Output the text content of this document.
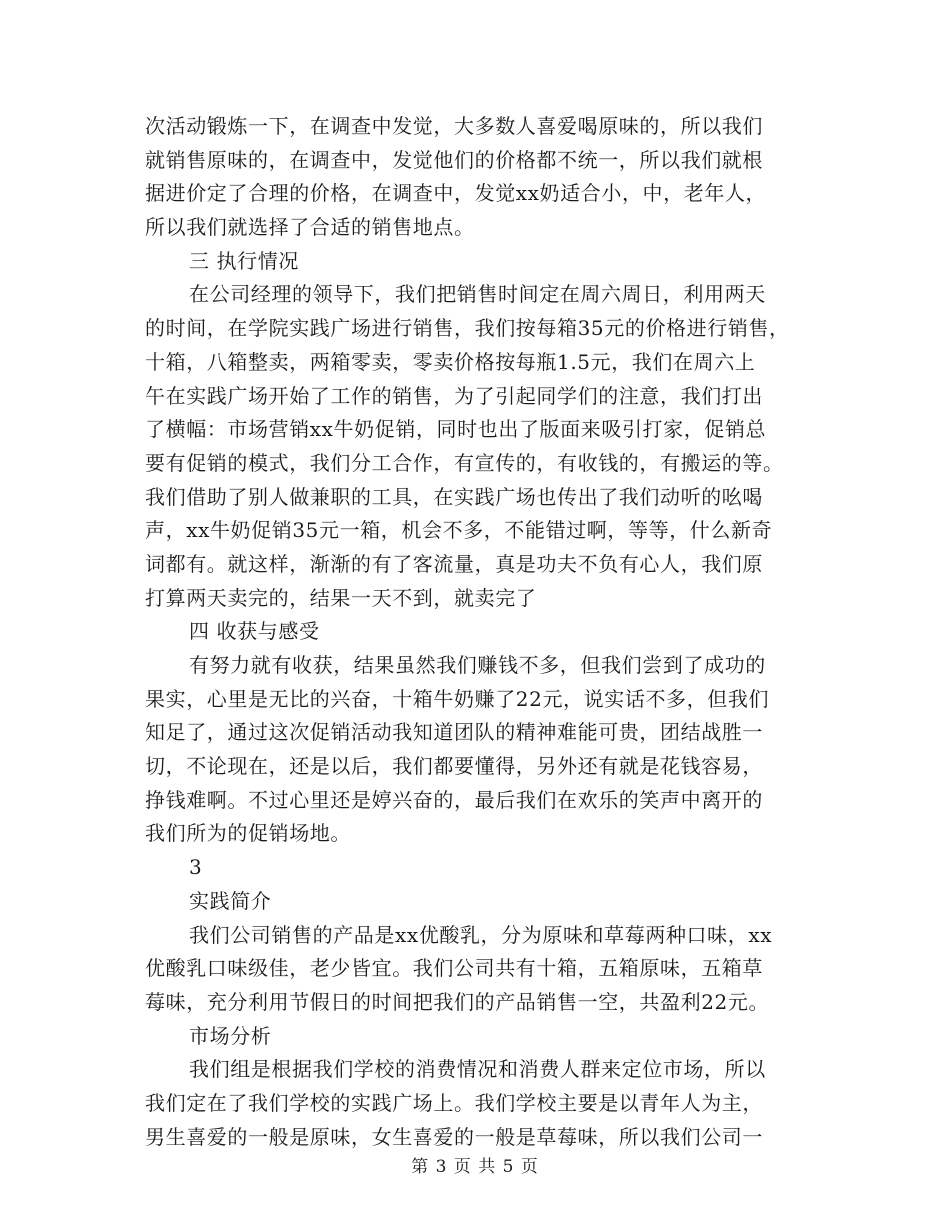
次活动锻炼一下，在调查中发觉，大多数人喜爱喝原味的，所以我们
就销售原味的，在调查中，发觉他们的价格都不统一，所以我们就根
据进价定了合理的价格，在调查中，发觉xx奶适合小，中，老年人，
所以我们就选择了合适的销售地点。
三 执行情况
在公司经理的领导下，我们把销售时间定在周六周日，利用两天
的时间，在学院实践广场进行销售，我们按每箱35元的价格进行销售，
十箱，八箱整卖，两箱零卖，零卖价格按每瓶1.5元，我们在周六上
午在实践广场开始了工作的销售，为了引起同学们的注意，我们打出
了横幅：市场营销xx牛奶促销，同时也出了版面来吸引打家，促销总
要有促销的模式，我们分工合作，有宣传的，有收钱的，有搬运的等。
我们借助了别人做兼职的工具，在实践广场也传出了我们动听的吆喝
声，xx牛奶促销35元一箱，机会不多，不能错过啊，等等，什么新奇
词都有。就这样，渐渐的有了客流量，真是功夫不负有心人，我们原
打算两天卖完的，结果一天不到，就卖完了
四 收获与感受
有努力就有收获，结果虽然我们赚钱不多，但我们尝到了成功的
果实，心里是无比的兴奋，十箱牛奶赚了22元，说实话不多，但我们
知足了，通过这次促销活动我知道团队的精神难能可贵，团结战胜一
切，不论现在，还是以后，我们都要懂得，另外还有就是花钱容易，
挣钱难啊。不过心里还是婷兴奋的，最后我们在欢乐的笑声中离开的
我们所为的促销场地。
3
实践简介
我们公司销售的产品是xx优酸乳，分为原味和草莓两种口味，xx
优酸乳口味级佳，老少皆宜。我们公司共有十箱，五箱原味，五箱草
莓味，充分利用节假日的时间把我们的产品销售一空，共盈利22元。
市场分析
我们组是根据我们学校的消费情况和消费人群来定位市场，所以
我们定在了我们学校的实践广场上。我们学校主要是以青年人为主，
男生喜爱的一般是原味，女生喜爱的一般是草莓味，所以我们公司一
第 3 页 共 5 页
